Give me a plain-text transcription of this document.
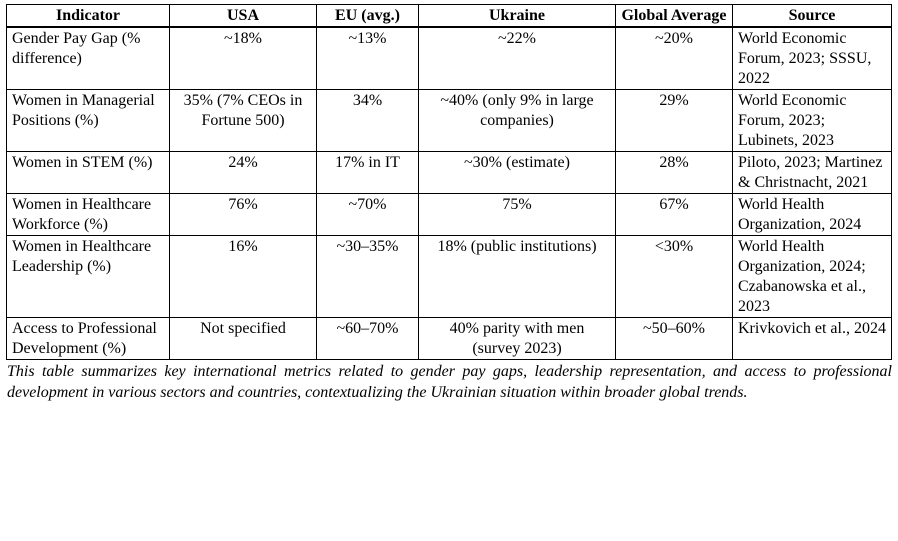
Indicator	USA	EU (avg.)	Ukraine	Global Average	Source
Gender Pay Gap (% difference)	~18%	~13%	~22%	~20%	World Economic Forum, 2023; SSSU, 2022
Women in Managerial Positions (%)	35% (7% CEOs in Fortune 500)	34%	~40% (only 9% in large companies)	29%	World Economic Forum, 2023; Lubinets, 2023
Women in STEM (%)	24%	17% in IT	~30% (estimate)	28%	Piloto, 2023; Martinez & Christnacht, 2021
Women in Healthcare Workforce (%)	76%	~70%	75%	67%	World Health Organization, 2024
Women in Healthcare Leadership (%)	16%	~30–35%	18% (public institutions)	<30%	World Health Organization, 2024; Czabanowska et al., 2023
Access to Professional Development (%)	Not specified	~60–70%	40% parity with men (survey 2023)	~50–60%	Krivkovich et al., 2024

This table summarizes key international metrics related to gender pay gaps, leadership representation, and access to professional development in various sectors and countries, contextualizing the Ukrainian situation within broader global trends.
